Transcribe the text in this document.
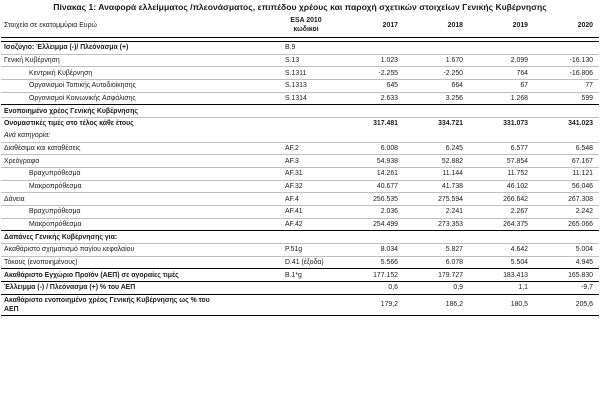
Πίνακας 1: Αναφορά ελλείμματος /πλεονάσματος, επιπέδου χρέους και παροχή σχετικών στοιχείων Γενικής Κυβέρνησης
Στοιχεία σε εκατομμύρια Ευρώ	ESA 2010
κωδικοί	2017	2018	2019	2020

Ισοζύγιο: Έλλειμμα (-)/ Πλεόνασμα (+)	B.9				
Γενική Κυβέρνηση	S.13	1.023	1.670	2.099	-16.130
Κεντρική Κυβέρνηση	S.1311	-2.255	-2.250	764	-16.806
Οργανισμοί Τοπικής Αυτοδιοίκησης	S.1313	645	664	67	77
Οργανισμοί Κοινωνικής Ασφάλισης	S.1314	2.633	3.256	1.268	599
Ενοποιημένο χρέος Γενικής Κυβέρνησης					
Ονομαστικές τιμές στο τέλος κάθε έτους		317.481	334.721	331.073	341.023
Ανά κατηγορία:					
Διαθέσιμα και καταθέσεις	AF.2	6.008	6.245	6.577	6.548
Χρεόγραφα	AF.3	54.938	52.882	57.854	67.167
Βραχυπρόθεσμα	AF.31	14.261	11.144	11.752	11.121
Μακροπρόθεσμα	AF.32	40.677	41.738	46.102	56.046
Δάνεια	AF.4	256.535	275.594	266.642	267.308
Βραχυπρόθεσμα	AF.41	2.036	2.241	2.267	2.242
Μακροπρόθεσμα	AF.42	254.499	273.353	264.375	265.066
Δαπάνες Γενικής Κυβέρνησης για:					
Ακαθάριστο σχηματισμό παγίου κεφαλαίου	P.51g	8.034	5.827	4.642	5.004
Τόκους (ενοποιημένους)	D.41 (έξοδα)	5.566	6.078	5.504	4.945
Ακαθάριστο Εγχώριο Προϊόν (ΑΕΠ) σε αγοραίες τιμές	B.1*g	177.152	179.727	183.413	165.830
Έλλειμμα (-) / Πλεόνασμα (+) % του ΑΕΠ		0,6	0,9	1,1	-9,7

Ακαθάριστο ενοποιημένο χρέος Γενικής Κυβέρνησης ως % του
ΑΕΠ		179,2	186,2	180,5	205,6
